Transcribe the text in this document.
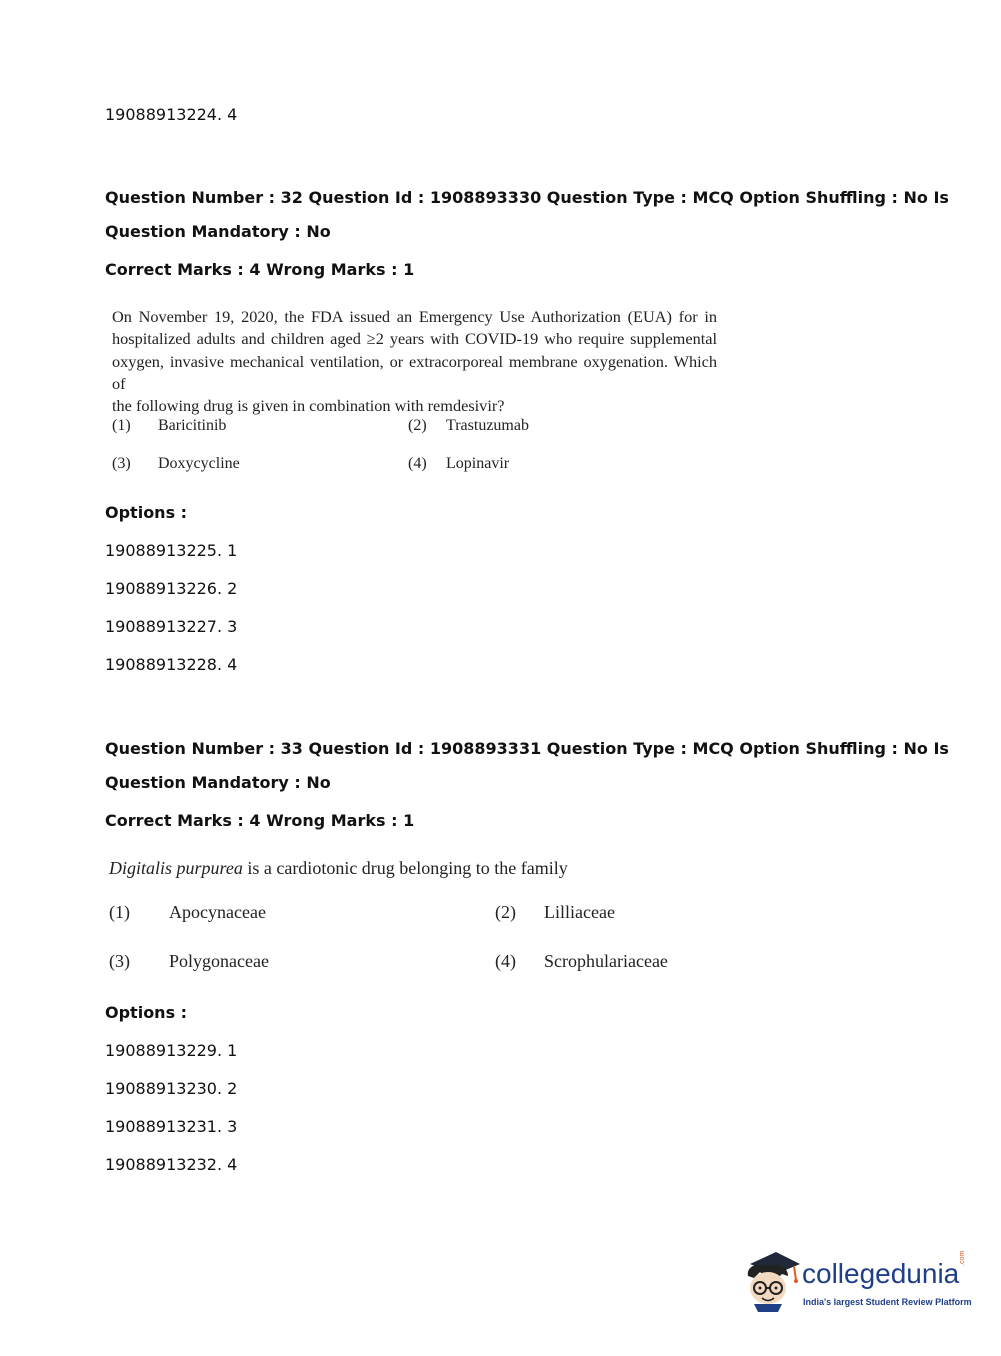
19088913224. 4
Question Number : 32 Question Id : 1908893330 Question Type : MCQ Option Shuffling : No Is
Question Mandatory : No
Correct Marks : 4 Wrong Marks : 1
On November 19, 2020, the FDA issued an Emergency Use Authorization (EUA) for in
hospitalized adults and children aged ≥2 years with COVID-19 who require supplemental
oxygen, invasive mechanical ventilation, or extracorporeal membrane oxygenation. Which of
the following drug is given in combination with remdesivir?
(1) Baricitinib	(2) Trastuzumab
(3) Doxycycline	(4) Lopinavir
Options :
19088913225. 1
19088913226. 2
19088913227. 3
19088913228. 4
Question Number : 33 Question Id : 1908893331 Question Type : MCQ Option Shuffling : No Is
Question Mandatory : No
Correct Marks : 4 Wrong Marks : 1
Digitalis purpurea is a cardiotonic drug belonging to the family
(1) Apocynaceae	(2) Lilliaceae
(3) Polygonaceae	(4) Scrophulariaceae
Options :
19088913229. 1
19088913230. 2
19088913231. 3
19088913232. 4
collegedunia .com
India's largest Student Review Platform
